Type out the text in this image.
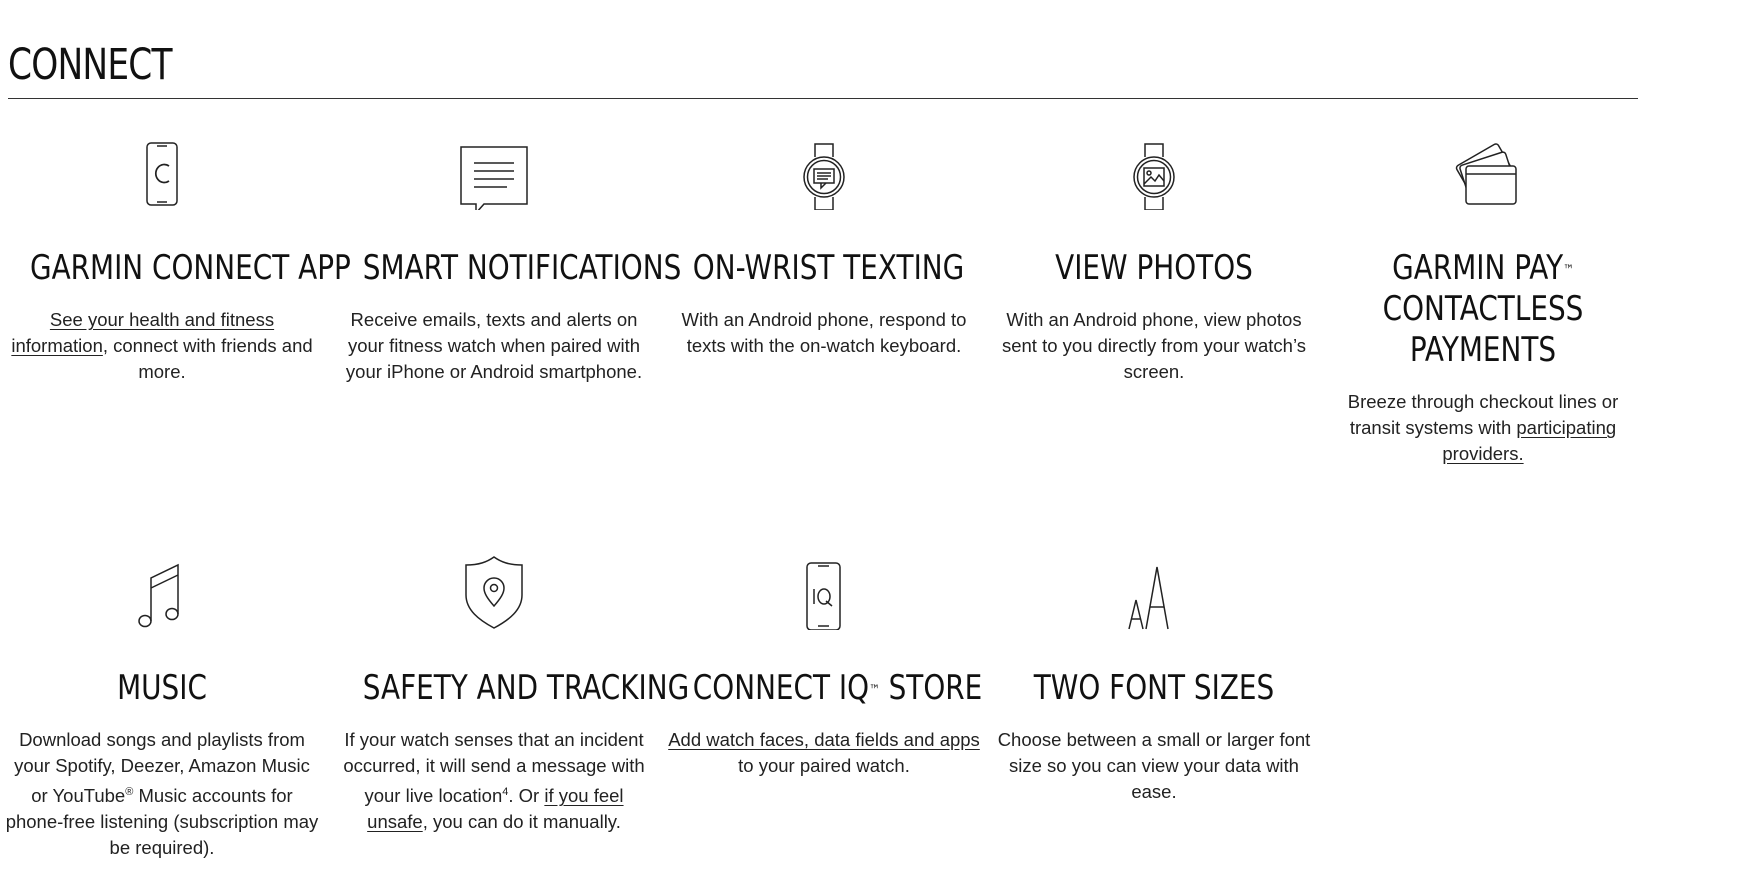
CONNECT
GARMIN CONNECT APP

See your health and fitness information, connect with friends and more.

SMART NOTIFICATIONS

Receive emails, texts and alerts on your fitness watch when paired with your iPhone or Android smartphone.

ON-WRIST TEXTING

With an Android phone, respond to texts with the on-watch keyboard.

VIEW PHOTOS

With an Android phone, view photos sent to you directly from your watch’s screen.

GARMIN PAY™
CONTACTLESS
PAYMENTS

Breeze through checkout lines or transit systems with participating providers.

MUSIC

Download songs and playlists from your Spotify, Deezer, Amazon Music or YouTube® Music accounts for phone-free listening (subscription may be required).

SAFETY AND TRACKING

If your watch senses that an incident occurred, it will send a message with your live location$^4$. Or if you feel unsafe, you can do it manually.

CONNECT IQ™ STORE

Add watch faces, data fields and apps to your paired watch.

TWO FONT SIZES

Choose between a small or larger font size so you can view your data with ease.
